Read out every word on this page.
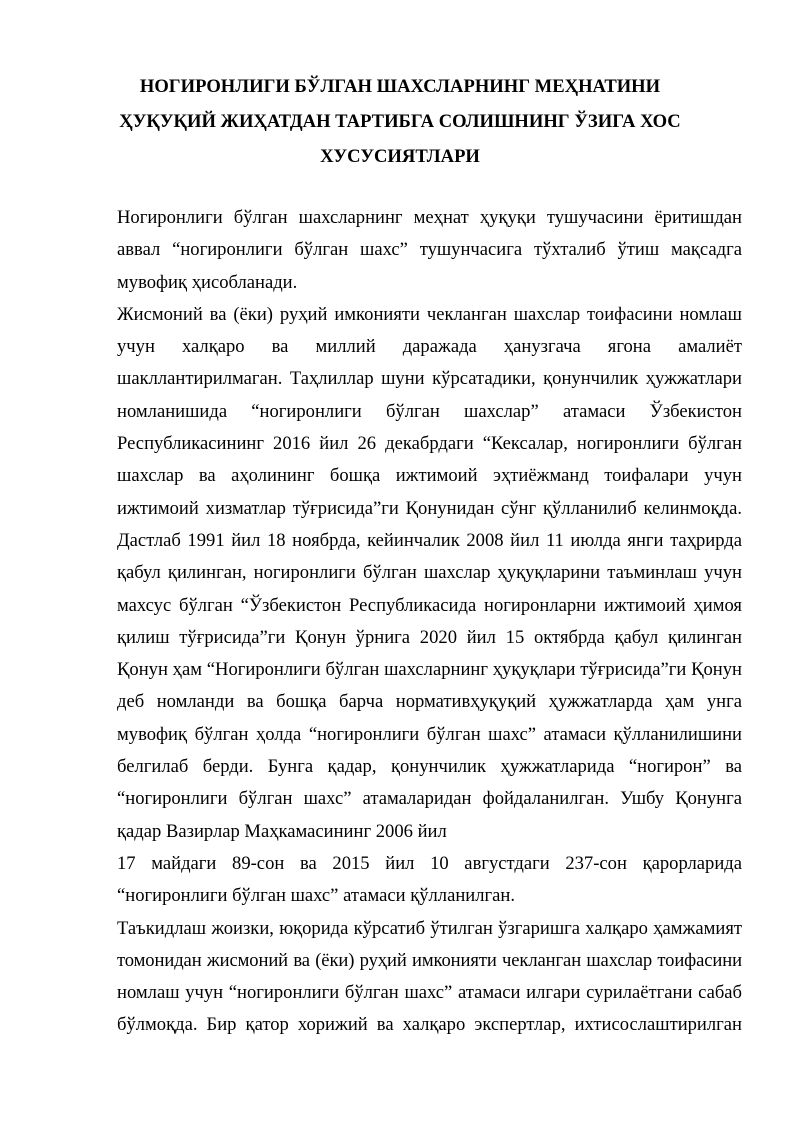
НОГИРОНЛИГИ БЎЛГАН ШАХСЛАРНИНГ МЕҲНАТИНИ
ҲУҚУҚИЙ ЖИҲАТДАН ТАРТИБГА СОЛИШНИНГ ЎЗИГА ХОС
ХУСУСИЯТЛАРИ
Ногиронлиги бўлган шахсларнинг меҳнат ҳуқуқи тушучасини ёритишдан
аввал “ногиронлиги бўлган шахс” тушунчасига тўхталиб ўтиш мақсадга
мувофиқ ҳисобланади.
Жисмоний ва (ёки) руҳий имконияти чекланган шахслар тоифасини номлаш
учун халқаро ва миллий даражада ҳанузгача ягона амалиёт
шакллантирилмаган. Таҳлиллар шуни кўрсатадики, қонунчилик ҳужжатлари
номланишида “ногиронлиги бўлган шахслар” атамаси Ўзбекистон
Республикасининг 2016 йил 26 декабрдаги “Кексалар, ногиронлиги бўлган
шахслар ва аҳолининг бошқа ижтимоий эҳтиёжманд тоифалари учун
ижтимоий хизматлар тўғрисида”ги Қонунидан сўнг қўлланилиб келинмоқда.
Дастлаб 1991 йил 18 ноябрда, кейинчалик 2008 йил 11 июлда янги таҳрирда
қабул қилинган, ногиронлиги бўлган шахслар ҳуқуқларини таъминлаш учун
махсус бўлган “Ўзбекистон Республикасида ногиронларни ижтимоий ҳимоя
қилиш тўғрисида”ги Қонун ўрнига 2020 йил 15 октябрда қабул қилинган
Қонун ҳам “Ногиронлиги бўлган шахсларнинг ҳуқуқлари тўғрисида”ги Қонун
деб номланди ва бошқа барча нормативҳуқуқий ҳужжатларда ҳам унга
мувофиқ бўлган ҳолда “ногиронлиги бўлган шахс” атамаси қўлланилишини
белгилаб берди. Бунга қадар, қонунчилик ҳужжатларида “ногирон” ва
“ногиронлиги бўлган шахс” атамаларидан фойдаланилган. Ушбу Қонунга
қадар Вазирлар Маҳкамасининг 2006 йил
17 майдаги 89-сон ва 2015 йил 10 августдаги 237-сон қарорларида
“ногиронлиги бўлган шахс” атамаси қўлланилган.
Таъкидлаш жоизки, юқорида кўрсатиб ўтилган ўзгаришга халқаро ҳамжамият
томонидан жисмоний ва (ёки) руҳий имконияти чекланган шахслар тоифасини
номлаш учун “ногиронлиги бўлган шахс” атамаси илгари сурилаётгани сабаб
бўлмоқда. Бир қатор хорижий ва халқаро экспертлар, ихтисослаштирилган
